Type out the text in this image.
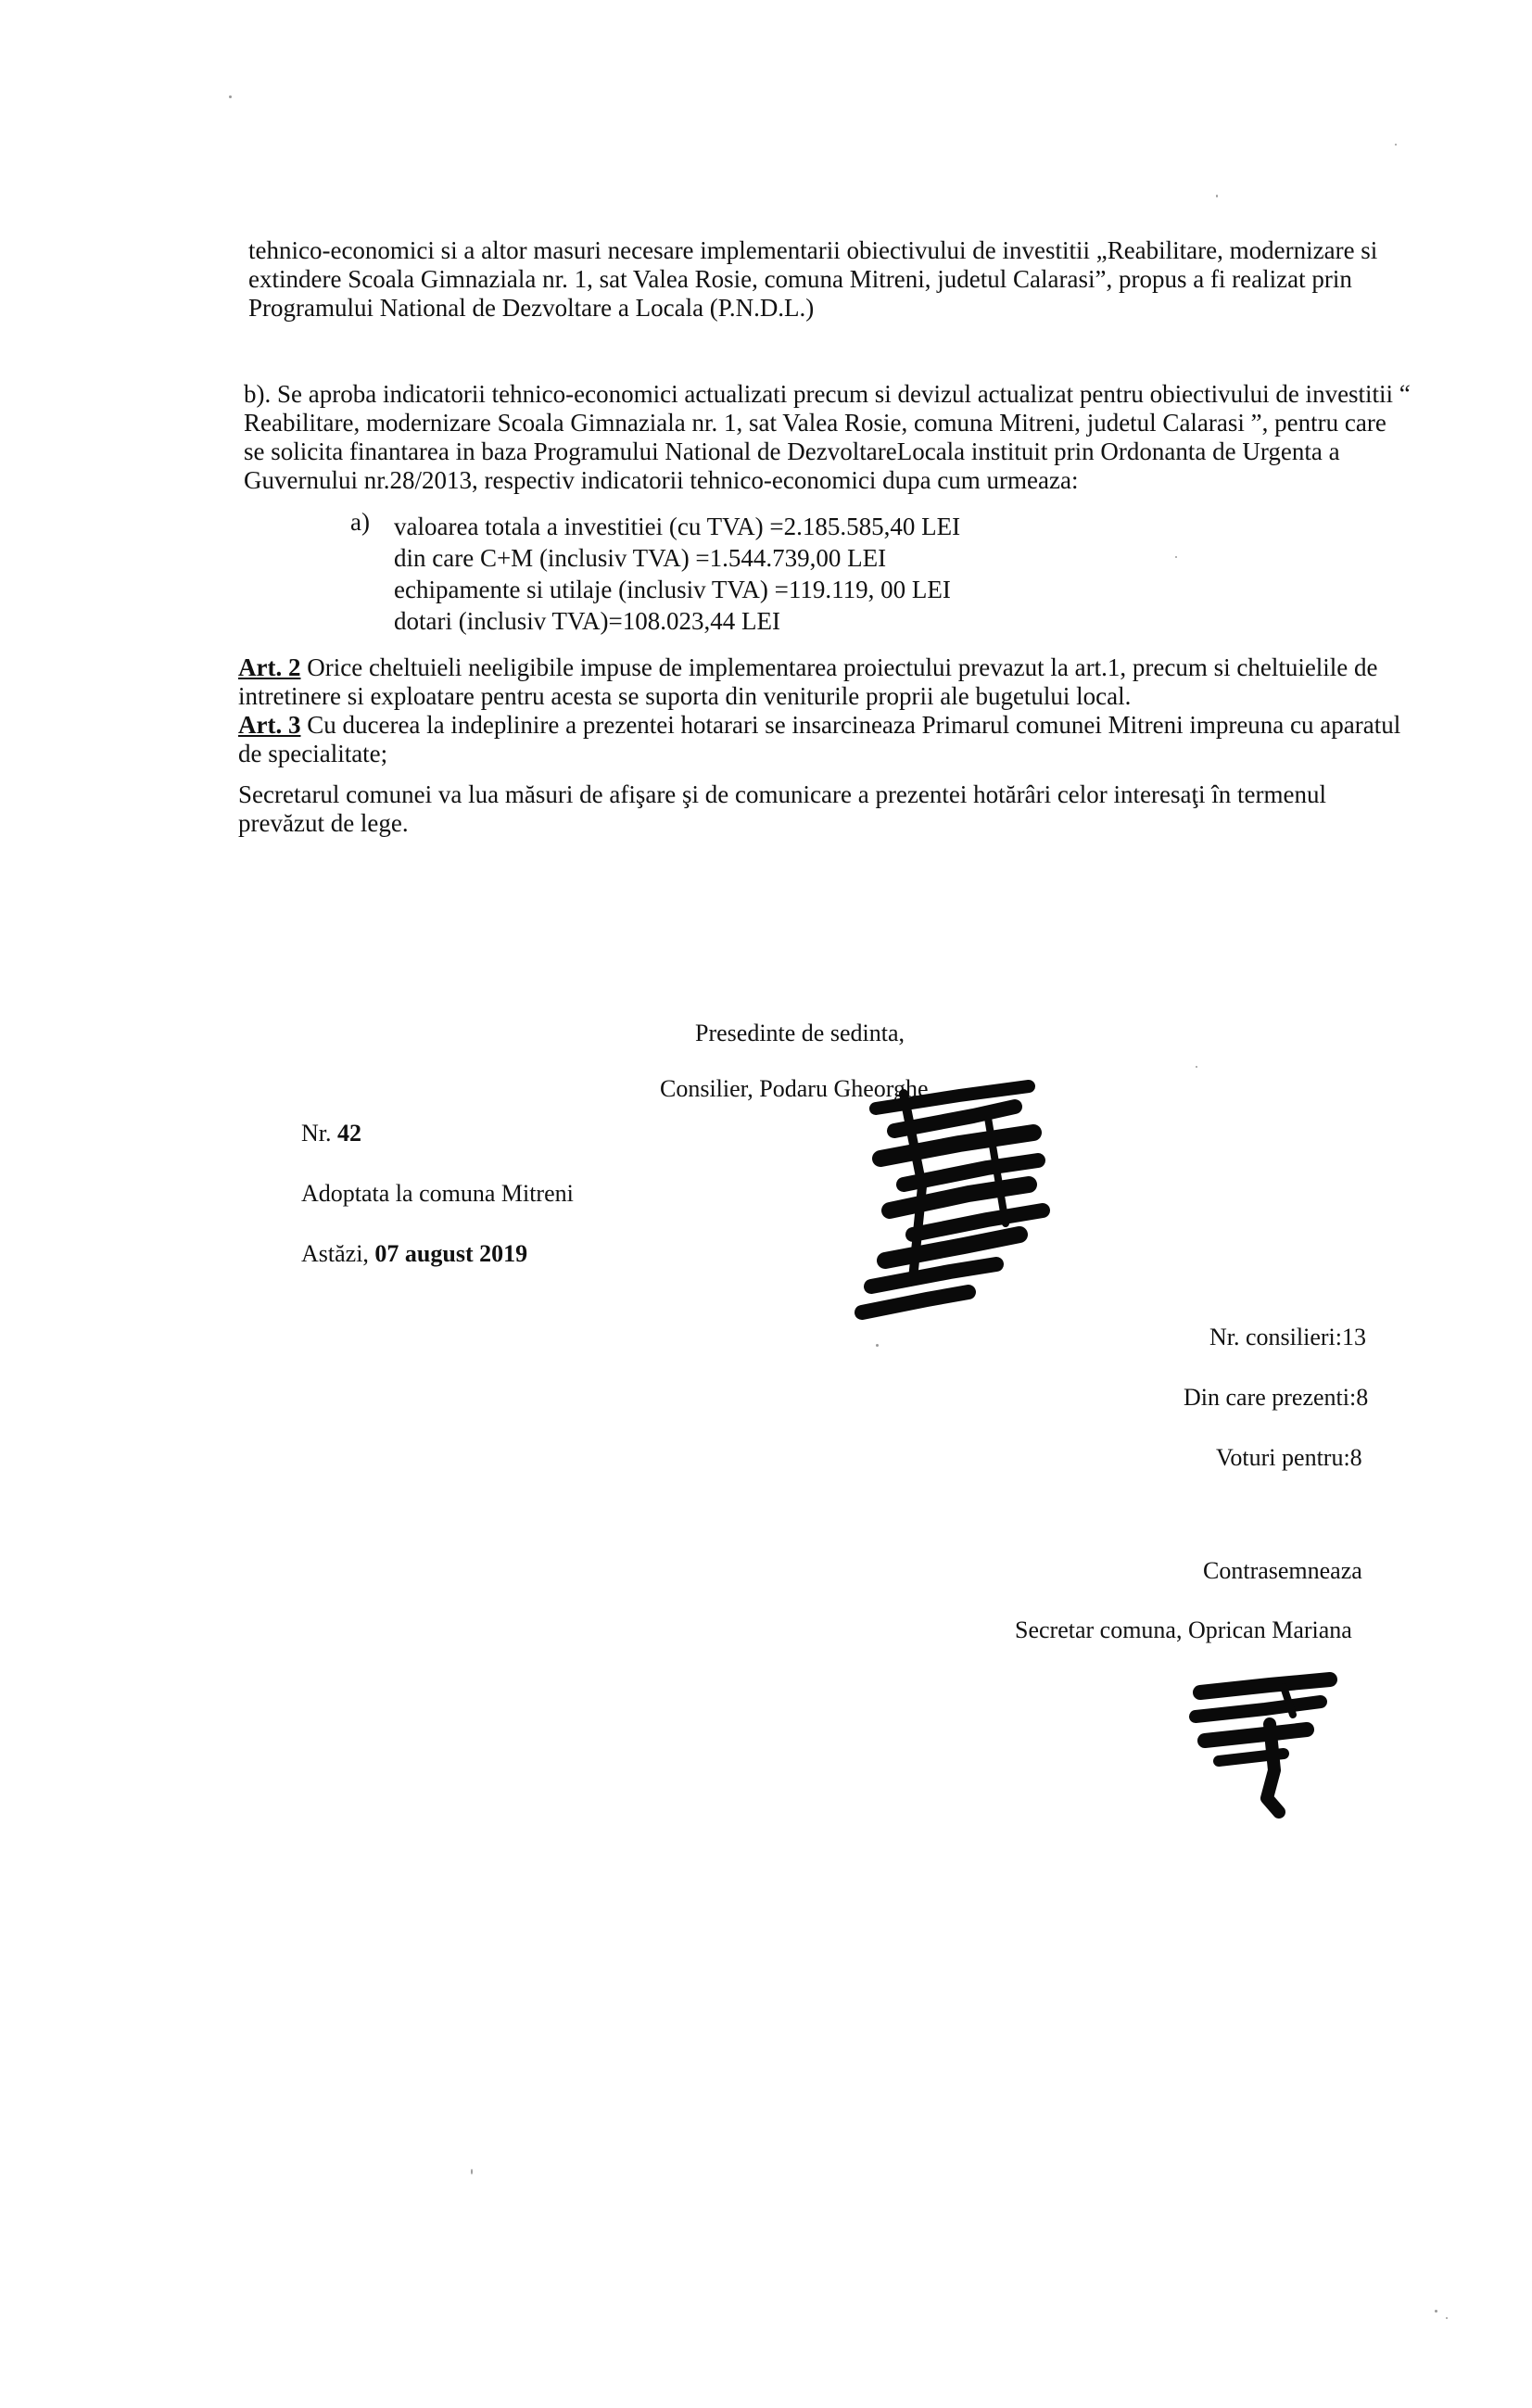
tehnico-economici si a altor masuri necesare implementarii obiectivului de investitii „Reabilitare, modernizare si
extindere Scoala Gimnaziala nr. 1, sat Valea Rosie, comuna Mitreni, judetul Calarasi”, propus a fi realizat prin
Programului National de Dezvoltare a Locala (P.N.D.L.)
b). Se aproba indicatorii tehnico-economici actualizati precum si devizul actualizat pentru obiectivului de investitii “
Reabilitare, modernizare Scoala Gimnaziala nr. 1, sat Valea Rosie, comuna Mitreni, judetul Calarasi ”, pentru care
se solicita finantarea in baza Programului National de DezvoltareLocala instituit prin Ordonanta de Urgenta a
Guvernului nr.28/2013, respectiv indicatorii tehnico-economici dupa cum urmeaza:
a) valoarea totala a investitiei (cu TVA) =2.185.585,40 LEI
din care C+M (inclusiv TVA) =1.544.739,00 LEI
echipamente si utilaje (inclusiv TVA) =119.119, 00 LEI
dotari (inclusiv TVA)=108.023,44 LEI
Art. 2 Orice cheltuieli neeligibile impuse de implementarea proiectului prevazut la art.1, precum si cheltuielile de
intretinere si exploatare pentru acesta se suporta din veniturile proprii ale bugetului local.
Art. 3 Cu ducerea la indeplinire a prezentei hotarari se insarcineaza Primarul comunei Mitreni impreuna cu aparatul
de specialitate;
Secretarul comunei va lua măsuri de afişare şi de comunicare a prezentei hotărâri celor interesaţi în termenul
prevăzut de lege.
Presedinte de sedinta,
Consilier, Podaru Gheorghe
Nr. 42
Adoptata la comuna Mitreni
Astăzi, 07 august 2019
Nr. consilieri:13
Din care prezenti:8
Voturi pentru:8
Contrasemneaza
Secretar comuna, Oprican Mariana
